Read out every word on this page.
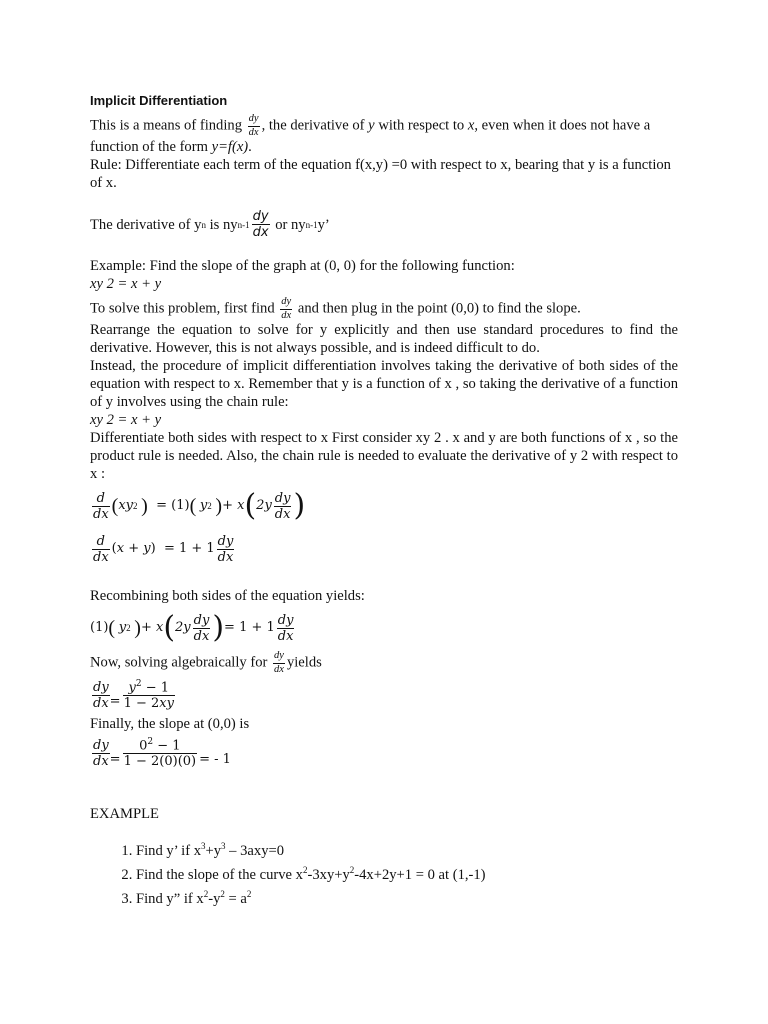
Implicit Differentiation

This is a means of finding $\frac{dy}{dx}$ , the derivative of y with respect to x, even when it does not have a function of the form y=f(x).

Rule: Differentiate each term of the equation f(x,y) =0 with respect to x, bearing that y is a function of x.

The derivative of y n
is ny $n-1 \frac{dy}{dx}$
or ny n-1 y’

Example: Find the slope of the graph at (0, 0) for the following function:

xy 2 = x + y

To solve this problem, first find $\frac{dy}{dx}$ and then plug in the point (0,0) to find the slope.

Rearrange the equation to solve for y explicitly and then use standard procedures to find the derivative. However, this is not always possible, and is indeed difficult to do.

Instead, the procedure of implicit differentiation involves taking the derivative of both sides of the equation with respect to x. Remember that y is a function of x , so taking the derivative of a function of y involves using the chain rule:

xy 2 = x + y

Differentiate both sides with respect to x First consider xy 2 . x and y are both functions of x , so the product rule is needed. Also, the chain rule is needed to evaluate the derivative of y 2 with respect to x :

$\frac{d}{dx}$ ( xy 2
) = (1) (
y 2
) + x ( $2y \frac{dy}{dx}$ )
$\frac{d}{dx} (x + y) = 1 + 1 \frac{dy}{dx}$

Recombining both sides of the equation yields:

(1) (
y 2
) + x ( $2y \frac{dy}{dx}$ ) = $1 + 1 \frac{dy}{dx}$

Now, solving algebraically for $\frac{dy}{dx}$ yields

$\frac{dy}{dx} = \frac{y^2 - 1}{1 - 2xy}$

Finally, the slope at (0,0) is

$\frac{dy}{dx} = \frac{0^2 - 1}{1 - 2(0)(0)}$ = - 1

EXAMPLE

1. Find y’ if $x^3+y^3 - 3axy=0$
2. Find the slope of the curve $x^2-3xy+y^2-4x+2y+1 = 0$ at (1,-1)
3. Find y” if $x^2-y^2 = a^2$
